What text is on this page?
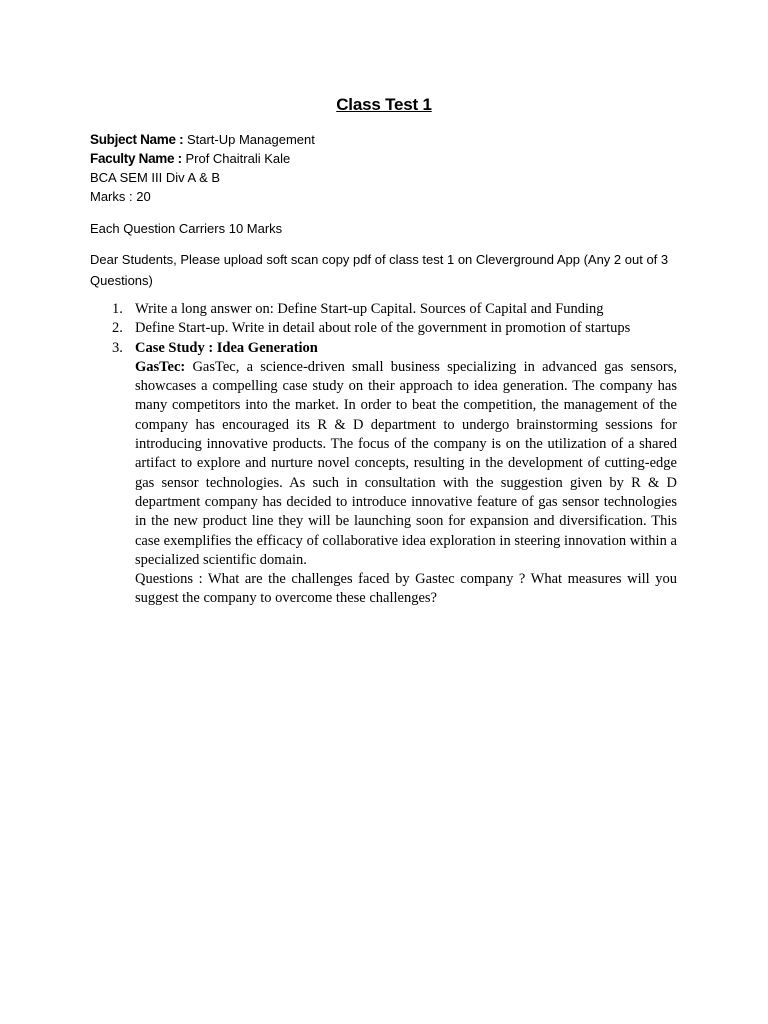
Class Test 1
Subject Name : Start-Up Management
Faculty Name : Prof Chaitrali Kale
BCA SEM III Div A & B
Marks : 20
Each Question Carriers 10 Marks
Dear Students, Please upload soft scan copy pdf of class test 1 on Cleverground App (Any 2 out of 3 Questions)
1. Write a long answer on: Define Start-up Capital. Sources of Capital and Funding
2. Define Start-up. Write in detail about role of the government in promotion of startups
3. Case Study : Idea Generation
GasTec: GasTec, a science-driven small business specializing in advanced gas sensors, showcases a compelling case study on their approach to idea generation. The company has many competitors into the market. In order to beat the competition, the management of the company has encouraged its R & D department to undergo brainstorming sessions for introducing innovative products. The focus of the company is on the utilization of a shared artifact to explore and nurture novel concepts, resulting in the development of cutting-edge gas sensor technologies. As such in consultation with the suggestion given by R & D department company has decided to introduce innovative feature of gas sensor technologies in the new product line they will be launching soon for expansion and diversification. This case exemplifies the efficacy of collaborative idea exploration in steering innovation within a specialized scientific domain.
Questions : What are the challenges faced by Gastec company ? What measures will you suggest the company to overcome these challenges?
